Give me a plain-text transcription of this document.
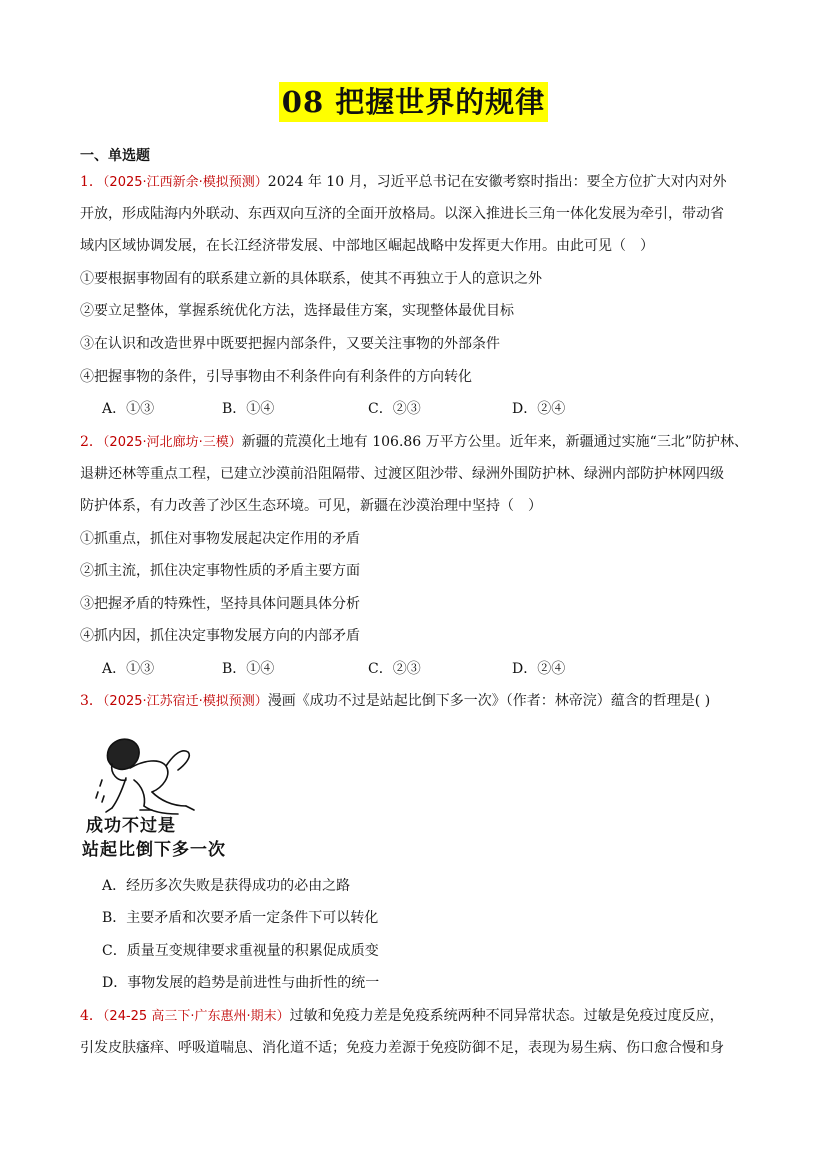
08 把握世界的规律
一、单选题
1．（2025·江西新余·模拟预测）2024 年 10 月，习近平总书记在安徽考察时指出：要全方位扩大对内对外
开放，形成陆海内外联动、东西双向互济的全面开放格局。以深入推进长三角一体化发展为牵引，带动省
域内区域协调发展，在长江经济带发展、中部地区崛起战略中发挥更大作用。由此可见（　）
①要根据事物固有的联系建立新的具体联系，使其不再独立于人的意识之外
②要立足整体，掌握系统优化方法，选择最佳方案，实现整体最优目标
③在认识和改造世界中既要把握内部条件，又要关注事物的外部条件
④把握事物的条件，引导事物由不利条件向有利条件的方向转化
A．①③	B．①④	C．②③	D．②④
2．（2025·河北廊坊·三模）新疆的荒漠化土地有 106.86 万平方公里。近年来，新疆通过实施“三北”防护林、
退耕还林等重点工程，已建立沙漠前沿阻隔带、过渡区阻沙带、绿洲外围防护林、绿洲内部防护林网四级
防护体系，有力改善了沙区生态环境。可见，新疆在沙漠治理中坚持（　）
①抓重点，抓住对事物发展起决定作用的矛盾
②抓主流，抓住决定事物性质的矛盾主要方面
③把握矛盾的特殊性，坚持具体问题具体分析
④抓内因，抓住决定事物发展方向的内部矛盾
A．①③	B．①④	C．②③	D．②④
3．（2025·江苏宿迁·模拟预测）漫画《成功不过是站起比倒下多一次》（作者：林帝浣）蕴含的哲理是( )
成功不过是
站起比倒下多一次
A．经历多次失败是获得成功的必由之路
B．主要矛盾和次要矛盾一定条件下可以转化
C．质量互变规律要求重视量的积累促成质变
D．事物发展的趋势是前进性与曲折性的统一
4．（24-25 高三下·广东惠州·期末）过敏和免疫力差是免疫系统两种不同异常状态。过敏是免疫过度反应，
引发皮肤瘙痒、呼吸道喘息、消化道不适；免疫力差源于免疫防御不足，表现为易生病、伤口愈合慢和身
